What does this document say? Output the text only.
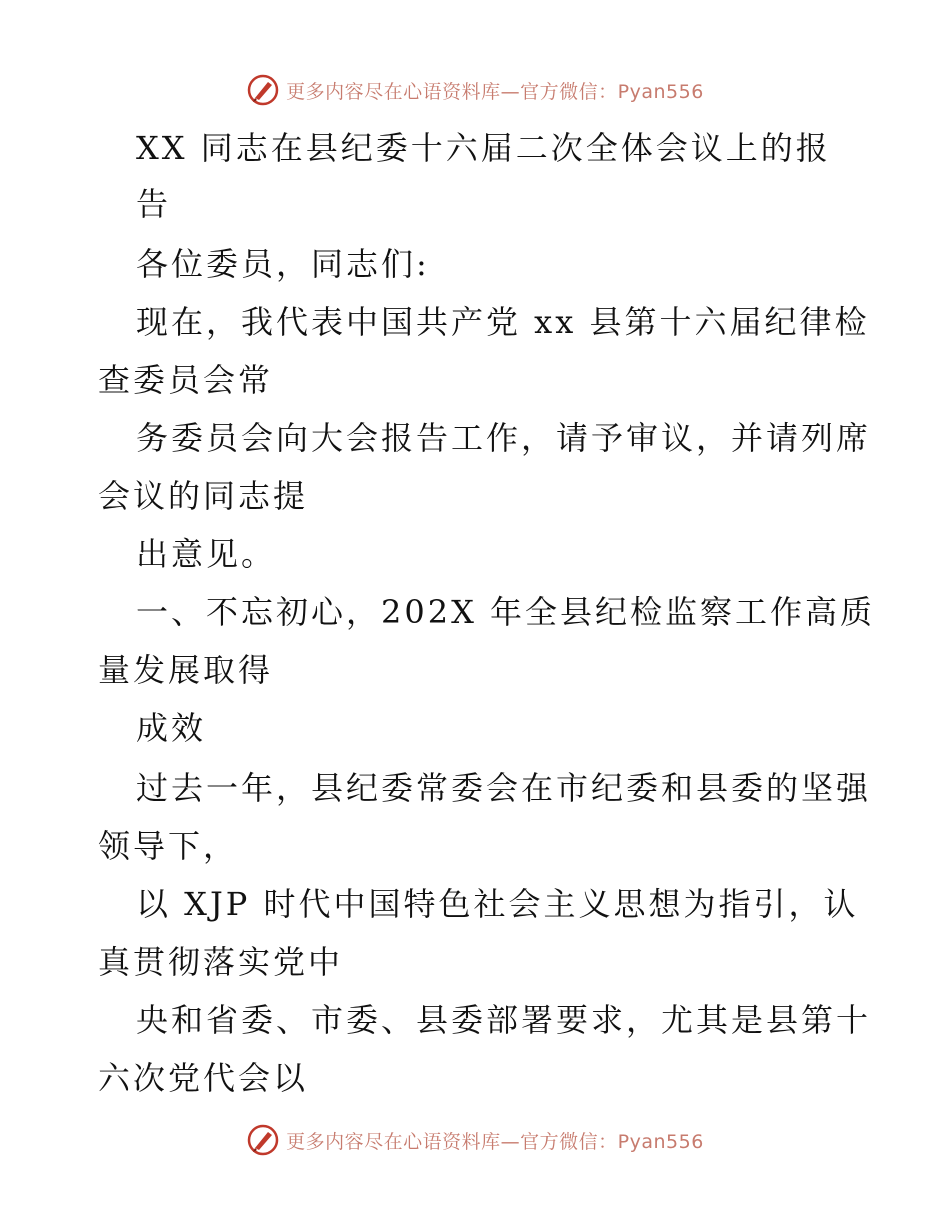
更多内容尽在心语资料库—官方微信：Pyan556
XX 同志在县纪委十六届二次全体会议上的报
告
各位委员，同志们:
现在，我代表中国共产党 xx 县第十六届纪律检
查委员会常
务委员会向大会报告工作，请予审议，并请列席
会议的同志提
出意见。
一、不忘初心，202X 年全县纪检监察工作高质
量发展取得
成效
过去一年，县纪委常委会在市纪委和县委的坚强
领导下，
以 XJP 时代中国特色社会主义思想为指引，认
真贯彻落实党中
央和省委、市委、县委部署要求，尤其是县第十
六次党代会以
更多内容尽在心语资料库—官方微信：Pyan556
